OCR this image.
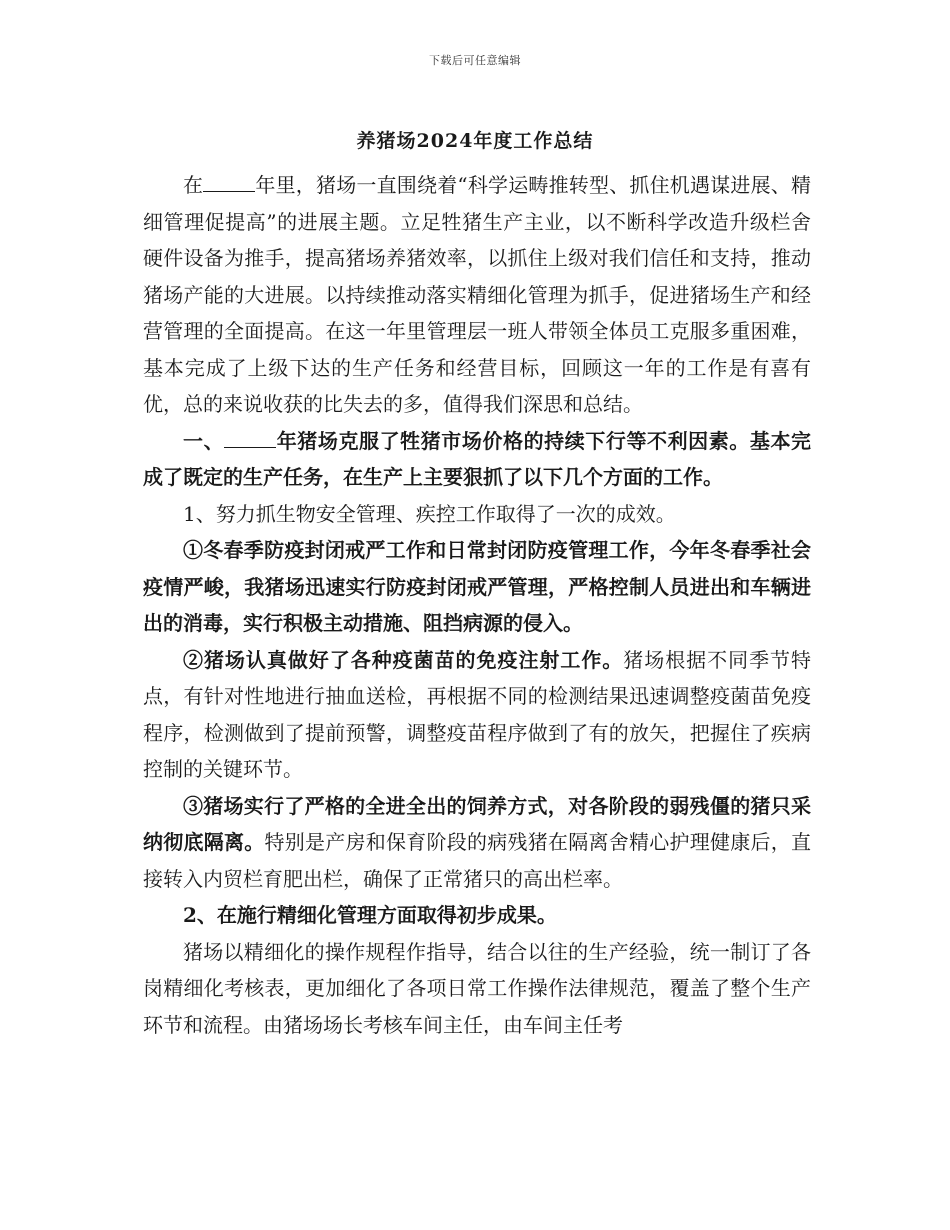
下载后可任意编辑
养猪场2024年度工作总结

在	年里，猪场一直围绕着“科学运畴推转型、抓住机遇谋进展、精细管理促提高”的进展主题。立足牲猪生产主业，以不断科学改造升级栏舍硬件设备为推手，提高猪场养猪效率，以抓住上级对我们信任和支持，推动猪场产能的大进展。以持续推动落实精细化管理为抓手，促进猪场生产和经营管理的全面提高。在这一年里管理层一班人带领全体员工克服多重困难，基本完成了上级下达的生产任务和经营目标，回顾这一年的工作是有喜有优，总的来说收获的比失去的多，值得我们深思和总结。

一、	年猪场克服了牲猪市场价格的持续下行等不利因素。基本完成了既定的生产任务，在生产上主要狠抓了以下几个方面的工作。

1、努力抓生物安全管理、疾控工作取得了一次的成效。

①冬春季防疫封闭戒严工作和日常封闭防疫管理工作，今年冬春季社会疫情严峻，我猪场迅速实行防疫封闭戒严管理，严格控制人员进出和车辆进出的消毒，实行积极主动措施、阻挡病源的侵入。

②猪场认真做好了各种疫菌苗的免疫注射工作。猪场根据不同季节特点，有针对性地进行抽血送检，再根据不同的检测结果迅速调整疫菌苗免疫程序，检测做到了提前预警，调整疫苗程序做到了有的放矢，把握住了疾病控制的关键环节。

③猪场实行了严格的全进全出的饲养方式，对各阶段的弱残僵的猪只采纳彻底隔离。特别是产房和保育阶段的病残猪在隔离舍精心护理健康后，直接转入内贸栏育肥出栏，确保了正常猪只的高出栏率。

2、在施行精细化管理方面取得初步成果。

猪场以精细化的操作规程作指导，结合以往的生产经验，统一制订了各岗精细化考核表，更加细化了各项日常工作操作法律规范，覆盖了整个生产环节和流程。由猪场场长考核车间主任，由车间主任考
